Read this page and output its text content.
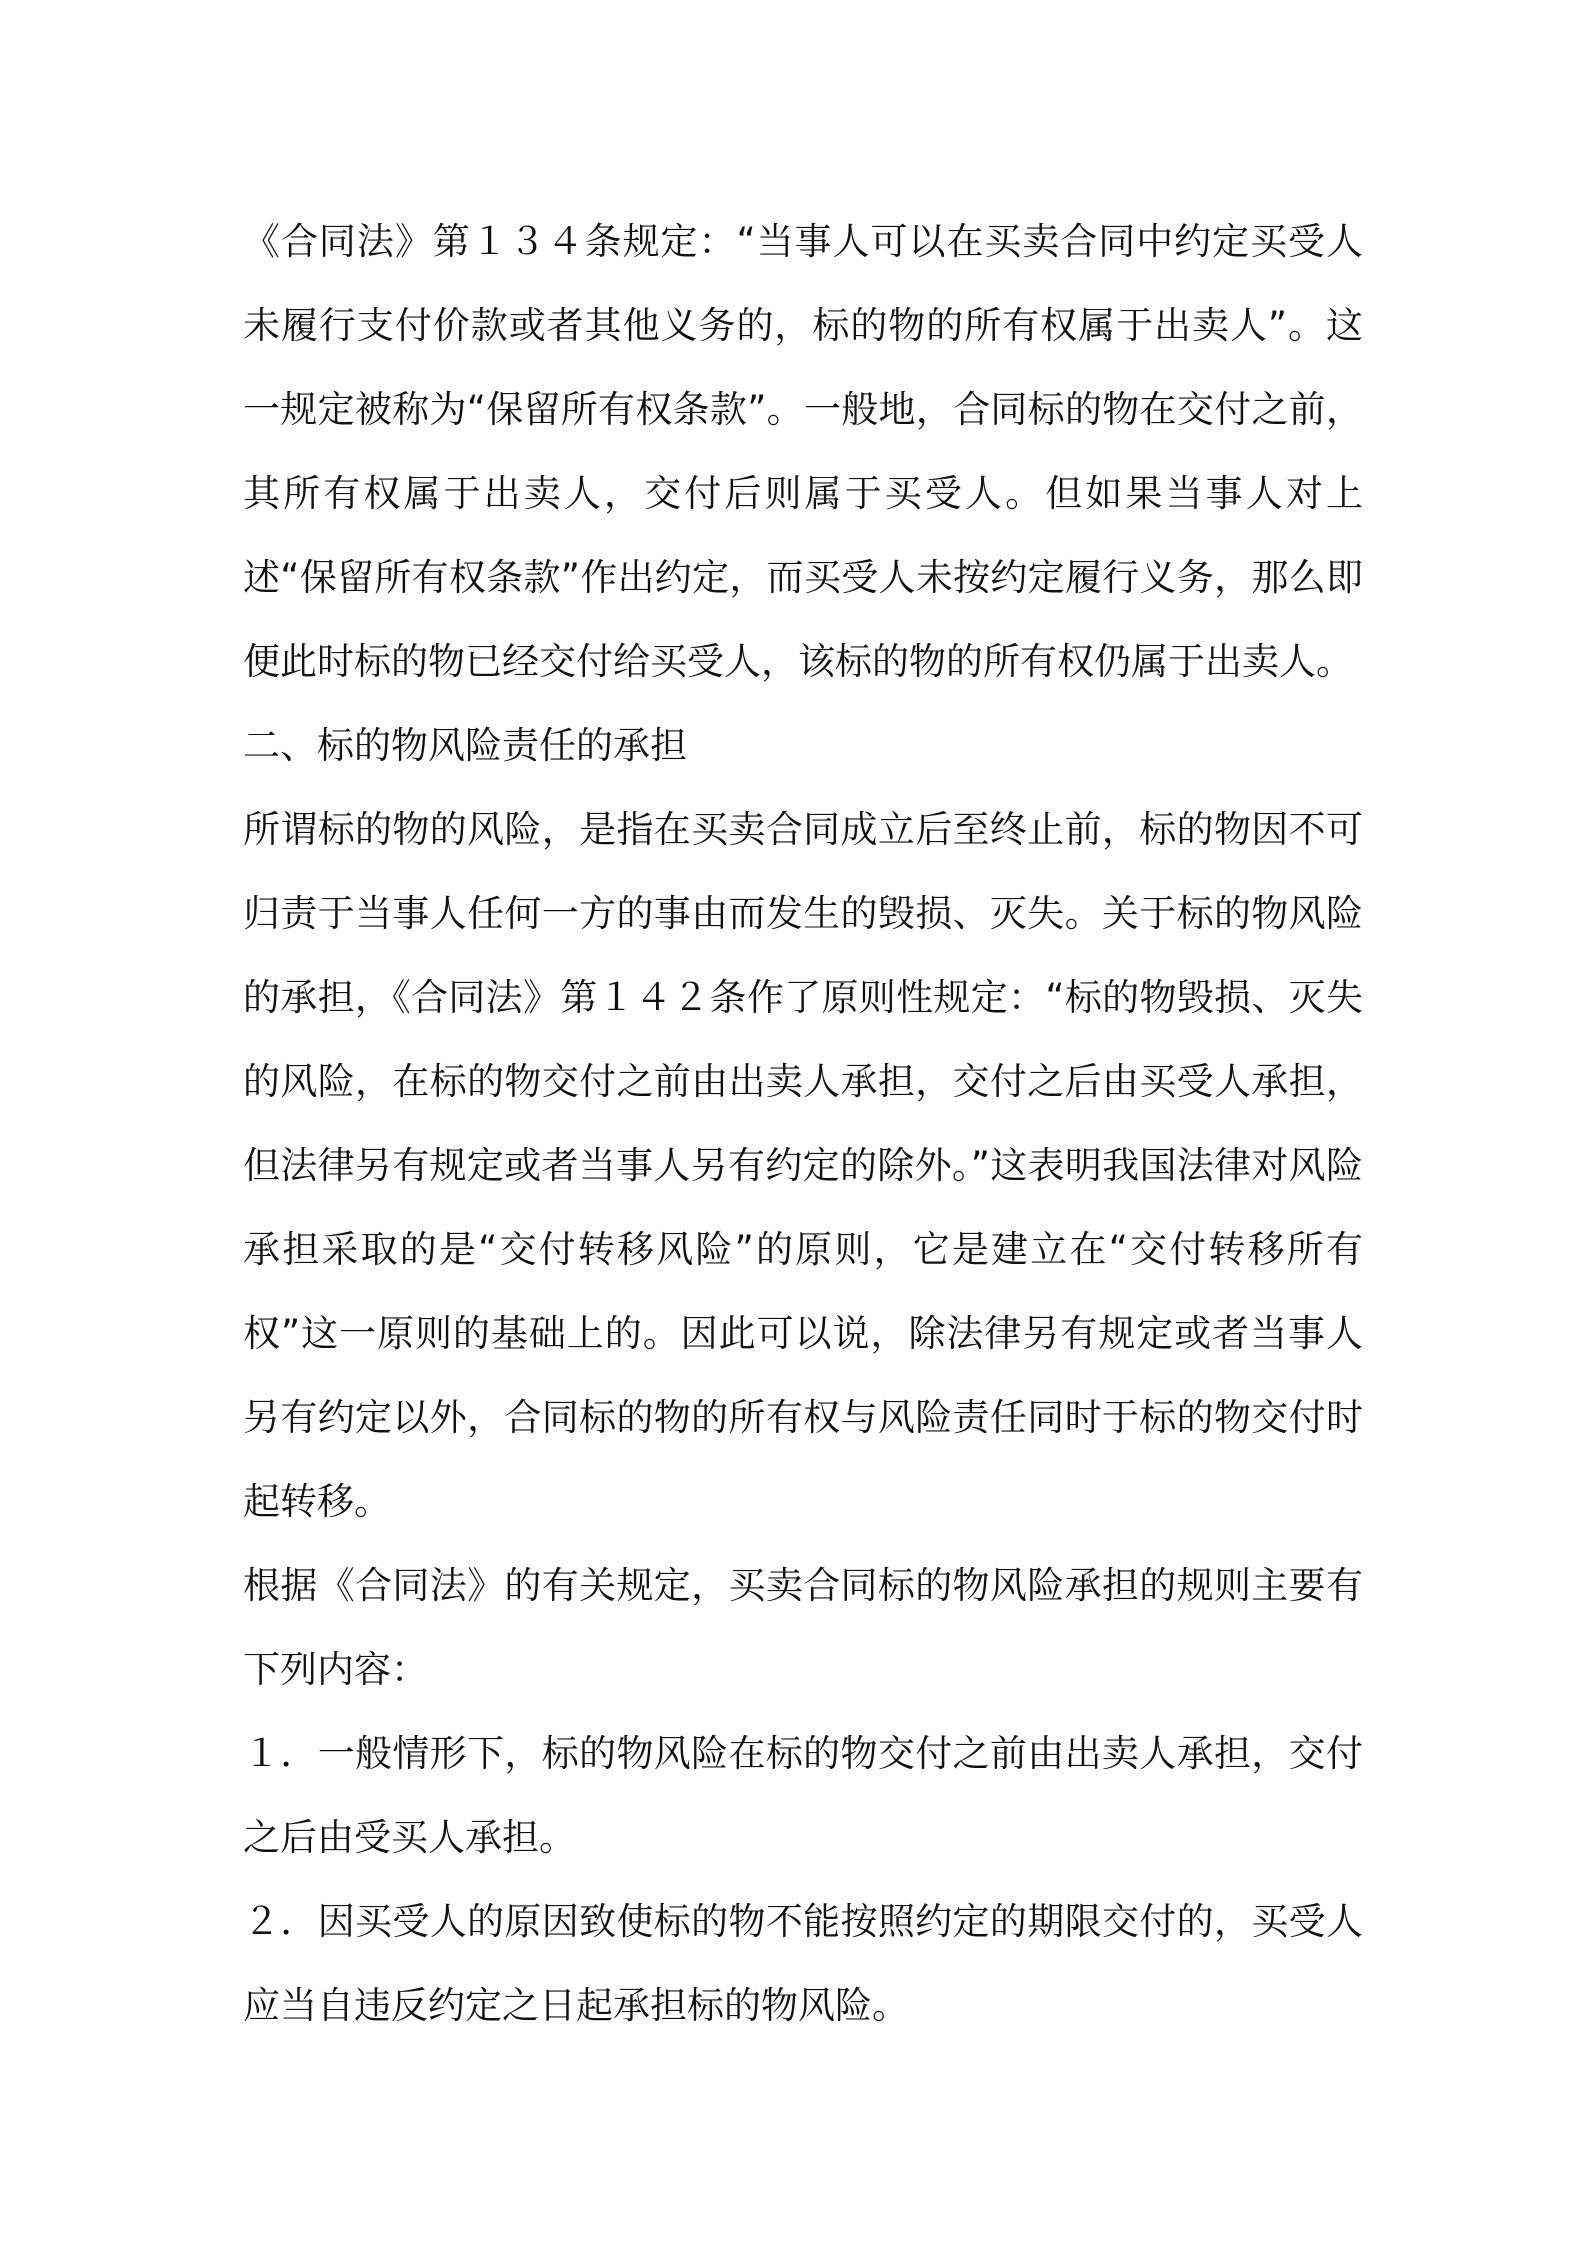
《合同法》第１３４条规定：“当事人可以在买卖合同中约定买受人未履行支付价款或者其他义务的，标的物的所有权属于出卖人”。这一规定被称为“保留所有权条款”。一般地，合同标的物在交付之前，其所有权属于出卖人，交付后则属于买受人。但如果当事人对上述“保留所有权条款”作出约定，而买受人未按约定履行义务，那么即便此时标的物已经交付给买受人，该标的物的所有权仍属于出卖人。

二、标的物风险责任的承担

所谓标的物的风险，是指在买卖合同成立后至终止前，标的物因不可归责于当事人任何一方的事由而发生的毁损、灭失。关于标的物风险的承担，《合同法》第１４２条作了原则性规定：“标的物毁损、灭失的风险，在标的物交付之前由出卖人承担，交付之后由买受人承担，但法律另有规定或者当事人另有约定的除外。”这表明我国法律对风险承担采取的是“交付转移风险”的原则，它是建立在“交付转移所有权”这一原则的基础上的。因此可以说，除法律另有规定或者当事人另有约定以外，合同标的物的所有权与风险责任同时于标的物交付时起转移。

根据《合同法》的有关规定，买卖合同标的物风险承担的规则主要有下列内容：

１．一般情形下，标的物风险在标的物交付之前由出卖人承担，交付之后由受买人承担。

２．因买受人的原因致使标的物不能按照约定的期限交付的，买受人应当自违反约定之日起承担标的物风险。
